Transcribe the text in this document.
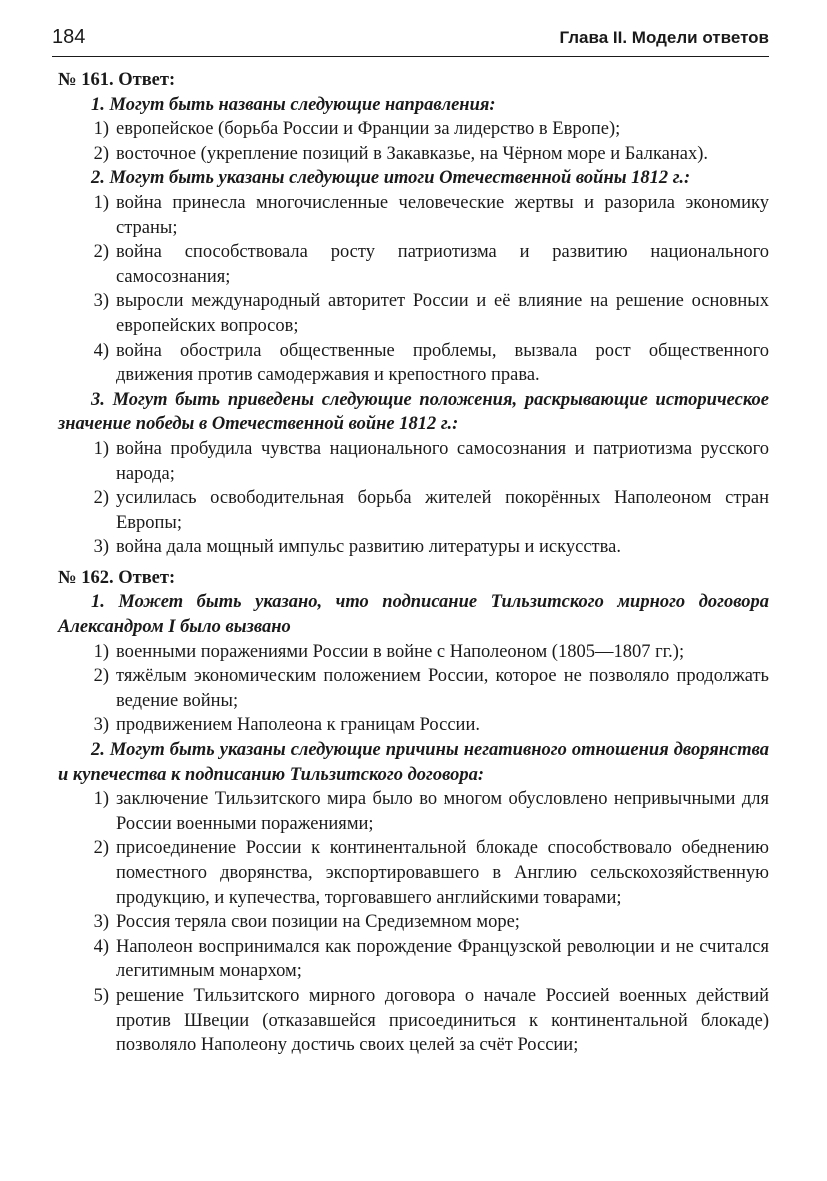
184	Глава II. Модели ответов
№ 161. Ответ:
1. Могут быть названы следующие направления:
1) европейское (борьба России и Франции за лидерство в Европе);
2) восточное (укрепление позиций в Закавказье, на Чёрном море и Балканах).
2. Могут быть указаны следующие итоги Отечественной войны 1812 г.:
1) война принесла многочисленные человеческие жертвы и разорила экономику страны;
2) война способствовала росту патриотизма и развитию национального самосознания;
3) выросли международный авторитет России и её влияние на решение основных европейских вопросов;
4) война обострила общественные проблемы, вызвала рост общественного движения против самодержавия и крепостного права.
3. Могут быть приведены следующие положения, раскрывающие историческое значение победы в Отечественной войне 1812 г.:
1) война пробудила чувства национального самосознания и патриотизма русского народа;
2) усилилась освободительная борьба жителей покорённых Наполеоном стран Европы;
3) война дала мощный импульс развитию литературы и искусства.
№ 162. Ответ:
1. Может быть указано, что подписание Тильзитского мирного договора Александром I было вызвано
1) военными поражениями России в войне с Наполеоном (1805—1807 гг.);
2) тяжёлым экономическим положением России, которое не позволяло продолжать ведение войны;
3) продвижением Наполеона к границам России.
2. Могут быть указаны следующие причины негативного отношения дворянства и купечества к подписанию Тильзитского договора:
1) заключение Тильзитского мира было во многом обусловлено непривычными для России военными поражениями;
2) присоединение России к континентальной блокаде способствовало обеднению поместного дворянства, экспортировавшего в Англию сельскохозяйственную продукцию, и купечества, торговавшего английскими товарами;
3) Россия теряла свои позиции на Средиземном море;
4) Наполеон воспринимался как порождение Французской революции и не считался легитимным монархом;
5) решение Тильзитского мирного договора о начале Россией военных действий против Швеции (отказавшейся присоединиться к континентальной блокаде) позволяло Наполеону достичь своих целей за счёт России;
